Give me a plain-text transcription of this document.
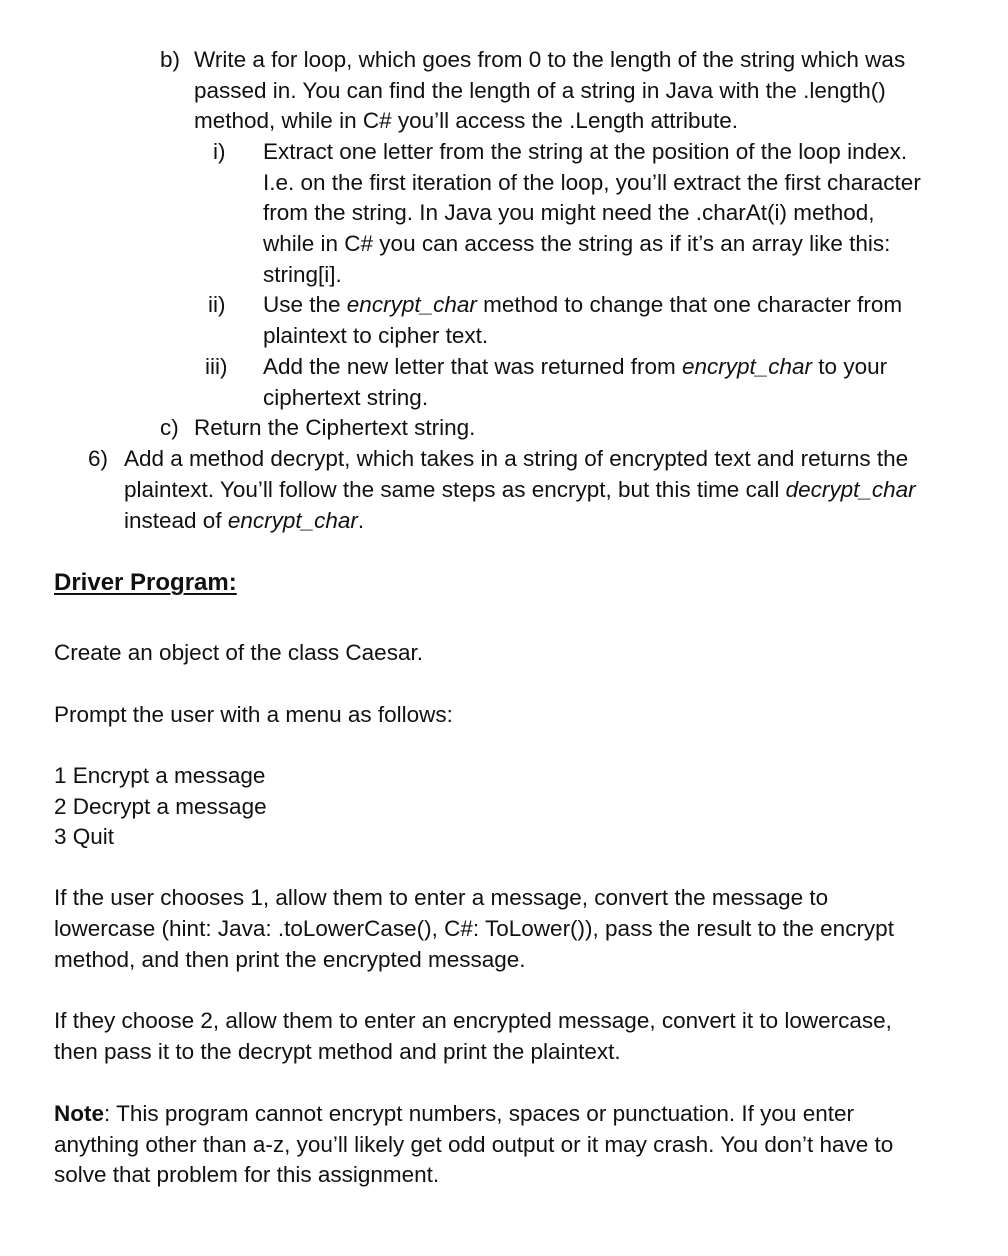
b) Write a for loop, which goes from 0 to the length of the string which was
passed in. You can find the length of a string in Java with the .length()
method, while in C# you’ll access the .Length attribute.
i) Extract one letter from the string at the position of the loop index.
I.e. on the first iteration of the loop, you’ll extract the first character
from the string. In Java you might need the .charAt(i) method,
while in C# you can access the string as if it’s an array like this:
string[i].
ii) Use the encrypt_char method to change that one character from
plaintext to cipher text.
iii) Add the new letter that was returned from encrypt_char to your
ciphertext string.
c) Return the Ciphertext string.
6) Add a method decrypt, which takes in a string of encrypted text and returns the
plaintext. You’ll follow the same steps as encrypt, but this time call decrypt_char
instead of encrypt_char.
Driver Program:
Create an object of the class Caesar.
Prompt the user with a menu as follows:
1 Encrypt a message
2 Decrypt a message
3 Quit
If the user chooses 1, allow them to enter a message, convert the message to
lowercase (hint: Java: .toLowerCase(), C#: ToLower()), pass the result to the encrypt
method, and then print the encrypted message.
If they choose 2, allow them to enter an encrypted message, convert it to lowercase,
then pass it to the decrypt method and print the plaintext.
Note: This program cannot encrypt numbers, spaces or punctuation. If you enter
anything other than a-z, you’ll likely get odd output or it may crash. You don’t have to
solve that problem for this assignment.
